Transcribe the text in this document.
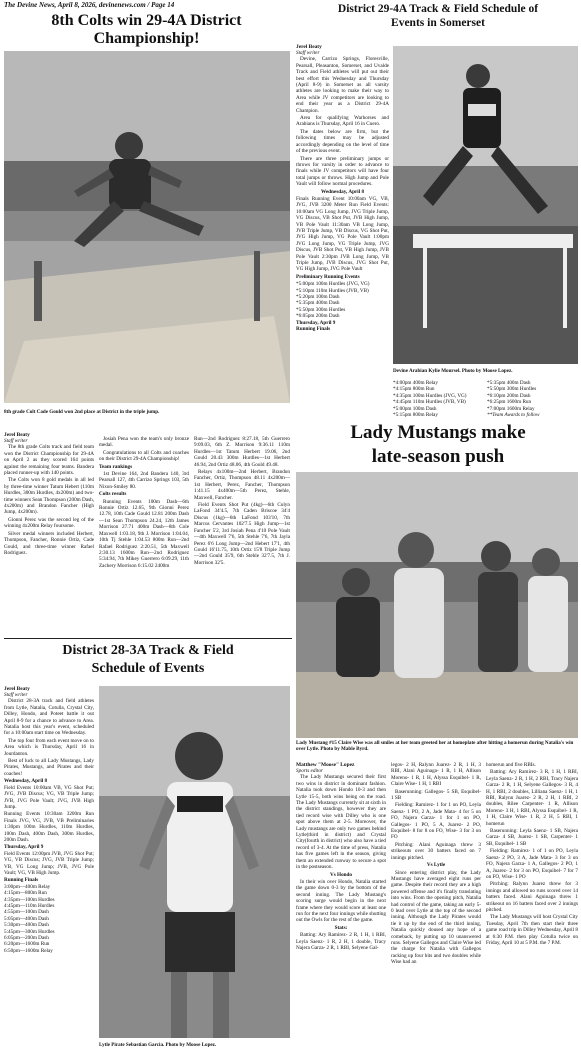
The Devine News, April 8, 2026, devinenews.com / Page 14
8th Colts win 29-4A District
Championship!
8th grade Colt Cade Gould won 2nd place at District in the triple jump.
Jerel Beaty
Staff writer

The 8th grade Colts track and field team won the District Championship for 29-4A on April 2 as they scored 164 points against the remaining four teams. Bandera placed runner-up with 140 points.

The Colts won 8 gold medals in all led by three-time winner Tatum Hebert (110m Hurdles, 300m Hurdles, 4x200m) and two-time winners Sean Thompson (200m Dash, 4x200m) and Brandon Fancher (High Jump, 4x200m).

Gionni Perez was the second leg of the winning 4x200m Relay foursome.

Silver medal winners included Herbert, Thompson, Fancher, Ronnie Ortiz, Cade Gould, and three-time winner Rafael Rodriguez.

Josiah Pena won the team's only bronze medal.

Congratulations to all Colts and coaches on their District 29-4A Championship!

Team rankings

1st Devine 164, 2nd Bandera 140, 3rd Pearsall 127, 4th Carrizo Springs 103, 5th Nixon-Smiley 80.

Colts results

Running Events 100m Dash—6th Ronnie Ortiz 12.65, 9th Gionni Perez 12.78, 10th Cade Gould 12.81 200m Dash—1st Sean Thompson 24.24, 12th James Morrison 27.71 400m Dash—8th Cole Maxwell 1:03.18, 9th J. Morrison 1:04.04, 10th Tj Stehle 1:04.53 800m Run—2nd Rafael Rodriguez 2:20.51, 5th Maxwell 2:30.13 1600m Run—2nd Rodriguez 5:34.94, 7th Mikey Guerrero 6:09.29, 11th Zachery Morrison 6:15.02 2400m

Run—2nd Rodriguez 8:27.18, 5th Guerrero 9:09.03, 6th Z. Morrison 9:36.11 110m Hurdles—1st Tatum Herbert 19.06, 2nd Gould 20.43 300m Hurdles—1st Herbert 46.94, 2nd Ortiz 48.06, 4th Gould 49.48.

Relays 4x100m—2nd Herbert, Brandon Fancher, Ortiz, Thompson 48.11 4x200m—1st Herbert, Perez, Fancher, Thompson 1:41.15 4x400m—5th Perez, Stehle, Maxwell, Fancher.

Field Events Shot Put (4kg)—6th Colyn LaFond 34'4.5, 7th Caden Briscoe 34'4 Discus (1kg)—6th LaFond 103'10, 7th Marcus Cervantes 102'7.5 High Jump—1st Fancher 5'2, 3rd Josiah Pena 4'10 Pole Vault—4th Maxwell 7'6, 5th Stehle 7'6, 7th Jayla Perez 6'6 Long Jump—2nd Hebert 17'1, 4th Gould 16'11.75, 10th Ortiz 15'8 Triple Jump—2nd Gould 35'9, 6th Stehle 32'7.5, 7th J. Morrison 32'5.

District 29-4A Track & Field Schedule of
Events in Somerset
Jerel Beaty
Staff writer

Devine, Carrizo Springs, Floresville, Pearsall, Pleasanton, Somerset, and Uvalde Track and Field athletes will put out their best effort this Wednesday and Thursday (April 8-9) in Somerset as all varsity athletes are looking to make their way to Area while JV competitors are looking to end their year as a District 29-4A Champion.

Area for qualifying Warhorses and Arabians is Thursday, April 16 in Cuero.

The dates below are firm, but the following times may be adjusted accordingly depending on the level of time of the previous event.

There are three preliminary jumps or throws for varsity in order to advance to finals while JV competitors will have four total jumps or throws. High Jump and Pole Vault will follow normal procedures.

Wednesday, April 8

Finals Running Event 10:00am VG, VB, JVG, JVB 3200 Meter Run Field Events: 10:00am VG Long Jump, JVG Triple Jump, VG Discus, VB Shot Put, JVB High Jump, VB Pole Vault 11:30am VB Long Jump, JVB Triple Jump, VB Discus, VG Shot Put, JVG High Jump, VG Pole Vault 1:00pm JVG Long Jump, VG Triple Jump, JVG Discus, JVB Shot Put, VB High Jump, JVB Pole Vault 2:30pm JVB Long Jump, VB Triple Jump, JVB Discus, JVG Shot Put, VG High Jump, JVG Pole Vault

Preliminary Running Events

*5:00pm 100m Hurdles (JVG, VG)
*5:10pm 110m Hurdles (JVB, VB)
*5:20pm 100m Dash
*5:35pm 400m Dash
*5:50pm 300m Hurdles
*6:05pm 200m Dash
Thursday, April 9
Running Finals
Devine Arabian Kylie Moursel. Photo by Moose Lopez.
*4:00pm 400m Relay
*4:15pm 800m Run
*4:35pm 100m Hurdles (JVG, VG)
*4:45pm 110m Hurdles (JVB, VB)
*5:00pm 100m Dash
*5:15pm 800m Relay
*5:35pm 400m Dash
*5:50pm 300m Hurdles
*6:10pm 200m Dash
*6:25pm 1600m Run
*7:00pm 1600m Relay
**Team Awards to follow
Lady Mustangs make
late-season push
Lady Mustang #15 Claire Wise was all smiles at her team greeted her at homeplate after hitting a homerun during Natalia's win over Lytle. Photo by Mable Byrd.
Matthew "Moose" Lopez
Sports editor

The Lady Mustangs secured their first two wins in district in dominant fashion. Natalia took down Hondo 10-3 and then Lytle 15-5, both wins being on the road. The Lady Mustangs currently sit at sixth in the district standings, however they are tied record wise with Dilley who is one spot above them at 2-5. Moreover, the Lady mustangs are only two games behind Lytle(third in district) and Crystal City(fourth in district) who also have a tied record of 3-4. At the time of press, Natalia has five games left in the season, giving them an extended runway to secure a spot in the postseason.

Vs Hondo

In their win over Hondo, Natalia started the game down 0-3 by the bottom of the second inning. The Lady Mustang's scoring surge would begin in the next frame where they would score at least one run for the next four innings while shutting out the Owls for the rest of the game.

Stats:

Batting: Ary Ramirez- 2 R, 1 H, 1 RBI, Leyla Saenz- 1 R, 2 H, 1 double, Tracy Najera Garza- 2 R, 1 RBI, Selyene Gal-

legos- 2 H, Ralynn Juarez- 2 R, 1 H, 3 RBI, Alani Aguinaga- 1 R, 1 H, Allison Moreno- 1 R, 1 H, Alyssa Esquibel- 1 R, Claire Wise- 1 H, 1 RBI

Baserunning: Gallegos- 5 SB, Esquibel- 1 SB

Fielding: Ramirez- 1 for 1 on PO, Leyla Saenz- 1 PO, 2 A, Jade Mata- 4 for 5 on FO, Najera Garza- 1 for 1 on PO, Gallegos- 1 PO, 5 A, Juarez- 2 PO, Esquibel- 8 for 8 on FO, Wise- 3 for 3 on FO

Pitching: Alani Aguinaga threw 3 strikeouts over 30 batters faced on 7 innings pitched.

Vs Lytle

Since entering district play, the Lady Mustangs have averaged eight runs per game. Despite their record they are a high powered offense and it's finally translating into wins. From the opening pitch, Natalia had control of the game, taking an early 5-0 lead over Lytle at the top of the second inning. Although the Lady Pirates would tie it up by the end of the third inning, Natalia quickly doused any hope of a comeback, by putting up 10 unanswered runs. Selyene Gallegos and Claire Wise led the charge for Natalia with Gallegos racking up four hits and two doubles while Wise had an

homerun and five RBIs.

Batting: Ary Ramirez- 3 R, 1 H, 1 RBI, Leyla Saenz- 2 R, 1 H, 2 RBI, Tracy Najera Garza- 2 R, 1 H, Selyene Gallegos- 3 R, 4 H, 1 RBI, 2 doubles, Lilliana Saenz- 1 H, 1 RBI, Ralynn Juarez- 2 R, 2 H, 1 RBI, 2 doubles, Rilee Carpenter- 1 R, Allison Moreno- 3 H, 1 RBI, Alyssa Esquibel- 1 R, 1 H, Claire Wise- 1 R, 2 H, 5 RBI, 1 homerun

Baserunning: Leyla Saenz- 1 SB, Najera Garza- 4 SB, Juarez- 1 SB, Carpenter- 1 SB, Esquibel- 1 SB

Fielding: Ramirez- 1 of 1 on PO, Leyla Saenz- 2 PO, 3 A, Jade Mata- 3 for 3 on FO, Najera Garza- 1 A, Gallegos- 2 PO, 1 A, Juarez- 2 for 3 on PO, Esquibel- 7 for 7 on FO, Wise- 1 PO

Pitching: Ralynn Juarez threw for 3 innings and allowed no runs scored over 14 batters faced. Alani Aguinaga threw 1 strikeout on 16 batters faced over 2 innings pitched.

The Lady Mustangs will host Crystal City Tuesday, April 7th then start their three game road trip in Dilley Wednesday, April 8 at 6:30 P.M. then play Cotulla twice on Friday, April 10 at 5 P.M. the 7 P.M.

District 28-3A Track & Field
Schedule of Events
Jerel Beaty
Staff writer

District 28-3A track and field athletes from Lytle, Natalia, Cotulla, Crystal City, Dilley, Hondo, and Poteet battle it out April 8-9 for a chance to advance to Area. Natalia host this year's event, scheduled for a 10:00am start time on Wednesday.

The top four from each event move on to Area which is Thursday, April 16 in Jourdanton.

Best of luck to all Lady Mustangs, Lady Pirates, Mustangs, and Pirates and their coaches!

Wednesday, April 8

Field Events 10:00am VB, VG Shot Put; JVG, JVB Discus; VG, VB Triple Jump; JVB, JVG Pole Vault; JVG, JVB High Jump.

Running Events 10:30am 3200m Run Finals JVG, VG, JVB, VB Preliminaries 1:30pm 100m Hurdles, 110m Hurdles, 100m Dash, 400m Dash, 300m Hurdles, 200m Dash.

Thursday, April 9

Field Events 12:00pm JVB, JVG Shot Put; VG, VB Discus; JVG, JVB Triple Jump; VB, VG Long Jump; JVB, JVG Pole Vault; VG, VB High Jump.

Running Finals
3:00pm—400m Relay
4:15pm—800m Run
4:35pm—100m Hurdles
4:45pm—110m Hurdles
4:55pm—100m Dash
5:05pm—400m Dash
5:30pm—400m Dash
5:45pm—300m Hurdles
6:05pm—200m Dash
6:20pm—1600m Run
6:50pm—1600m Relay
Lytle Pirate Sebastian Garcia. Photo by Moose Lopez.
